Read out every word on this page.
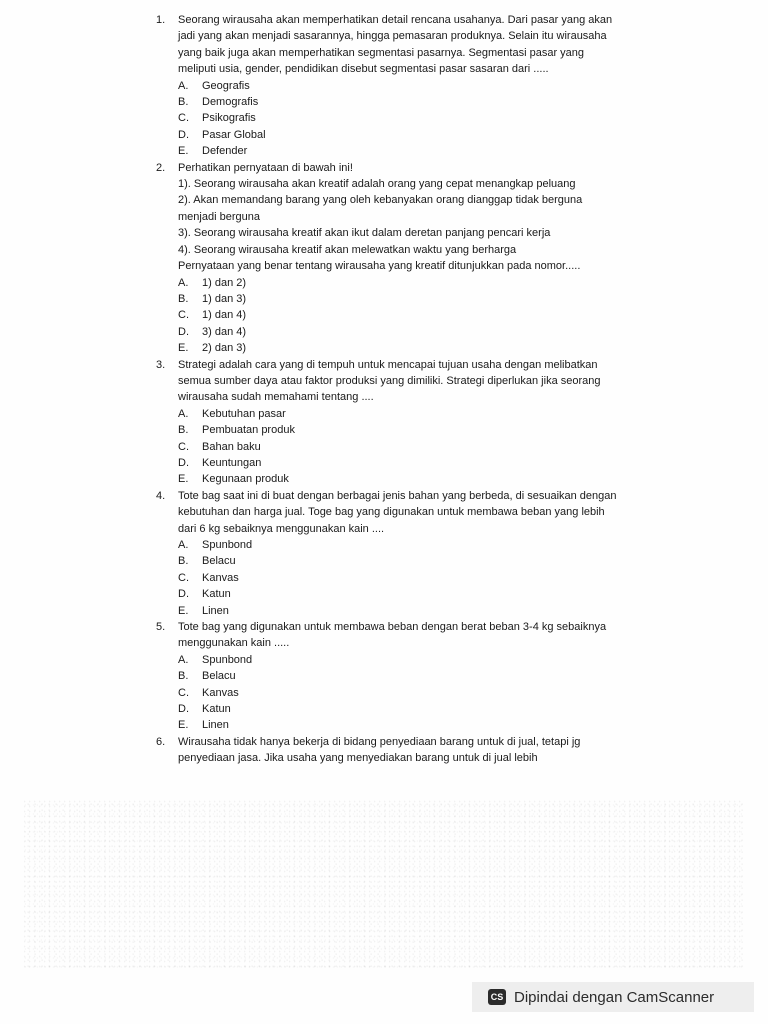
1. Seorang wirausaha akan memperhatikan detail rencana usahanya. Dari pasar yang akan
jadi yang akan menjadi sasarannya, hingga pemasaran produknya. Selain itu wirausaha
yang baik juga akan memperhatikan segmentasi pasarnya. Segmentasi pasar yang
meliputi usia, gender, pendidikan disebut segmentasi pasar sasaran dari .....
A. Geografis
B. Demografis
C. Psikografis
D. Pasar Global
E. Defender
2. Perhatikan pernyataan di bawah ini!
1). Seorang wirausaha akan kreatif adalah orang yang cepat menangkap peluang
2). Akan memandang barang yang oleh kebanyakan orang dianggap tidak berguna
menjadi berguna
3). Seorang wirausaha kreatif akan ikut dalam deretan panjang pencari kerja
4). Seorang wirausaha kreatif akan melewatkan waktu yang berharga
Pernyataan yang benar tentang wirausaha yang kreatif ditunjukkan pada nomor.....
A. 1) dan 2)
B. 1) dan 3)
C. 1) dan 4)
D. 3) dan 4)
E. 2) dan 3)
3. Strategi adalah cara yang di tempuh untuk mencapai tujuan usaha dengan melibatkan
semua sumber daya atau faktor produksi yang dimiliki. Strategi diperlukan jika seorang
wirausaha sudah memahami tentang ....
A. Kebutuhan pasar
B. Pembuatan produk
C. Bahan baku
D. Keuntungan
E. Kegunaan produk
4. Tote bag saat ini di buat dengan berbagai jenis bahan yang berbeda, di sesuaikan dengan
kebutuhan dan harga jual. Toge bag yang digunakan untuk membawa beban yang lebih
dari 6 kg sebaiknya menggunakan kain ....
A. Spunbond
B. Belacu
C. Kanvas
D. Katun
E. Linen
5. Tote bag yang digunakan untuk membawa beban dengan berat beban 3-4 kg sebaiknya
menggunakan kain .....
A. Spunbond
B. Belacu
C. Kanvas
D. Katun
E. Linen
6. Wirausaha tidak hanya bekerja di bidang penyediaan barang untuk di jual, tetapi jg
penyediaan jasa. Jika usaha yang menyediakan barang untuk di jual lebih
CS Dipindai dengan CamScanner
